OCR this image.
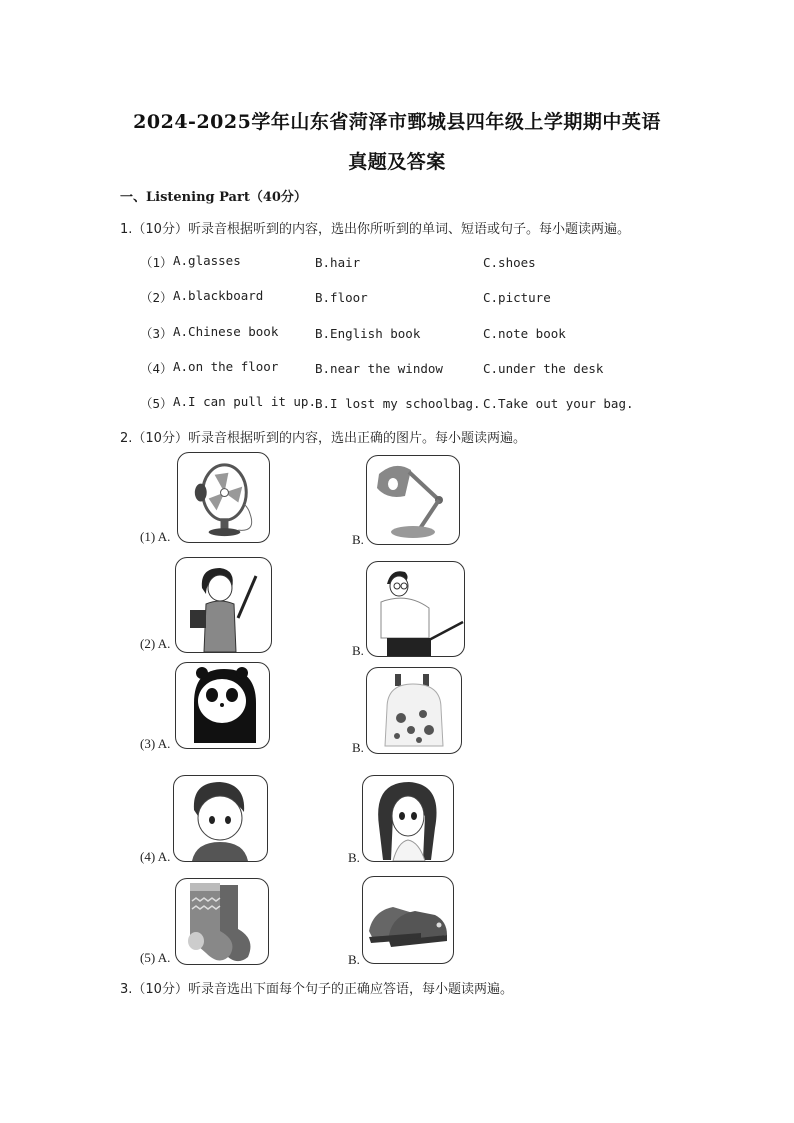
2024-2025学年山东省菏泽市鄄城县四年级上学期期中英语
真题及答案
一、Listening Part（40分）
1.（10分）听录音根据听到的内容，选出你所听到的单词、短语或句子。每小题读两遍。
（1） A.glasses	B.hair	C.shoes
（2） A.blackboard	B.floor	C.picture
（3） A.Chinese book	B.English book	C.note book
（4） A.on the floor	B.near the window	C.under the desk
（5） A.I can pull it up. B.I lost my schoolbag. C.Take out your bag.
2.（10分）听录音根据听到的内容，选出正确的图片。每小题读两遍。
(1) A.	B.
(2) A.	B.
(3) A.	B.
(4) A.	B.
(5) A.	B.
3.（10分）听录音选出下面每个句子的正确应答语，每小题读两遍。
